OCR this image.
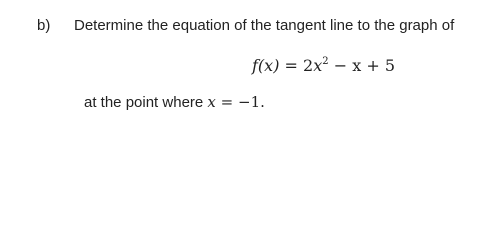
b) Determine the equation of the tangent line to the graph of
$f(x) = 2x^2 - x + 5$
at the point where x = −1.
